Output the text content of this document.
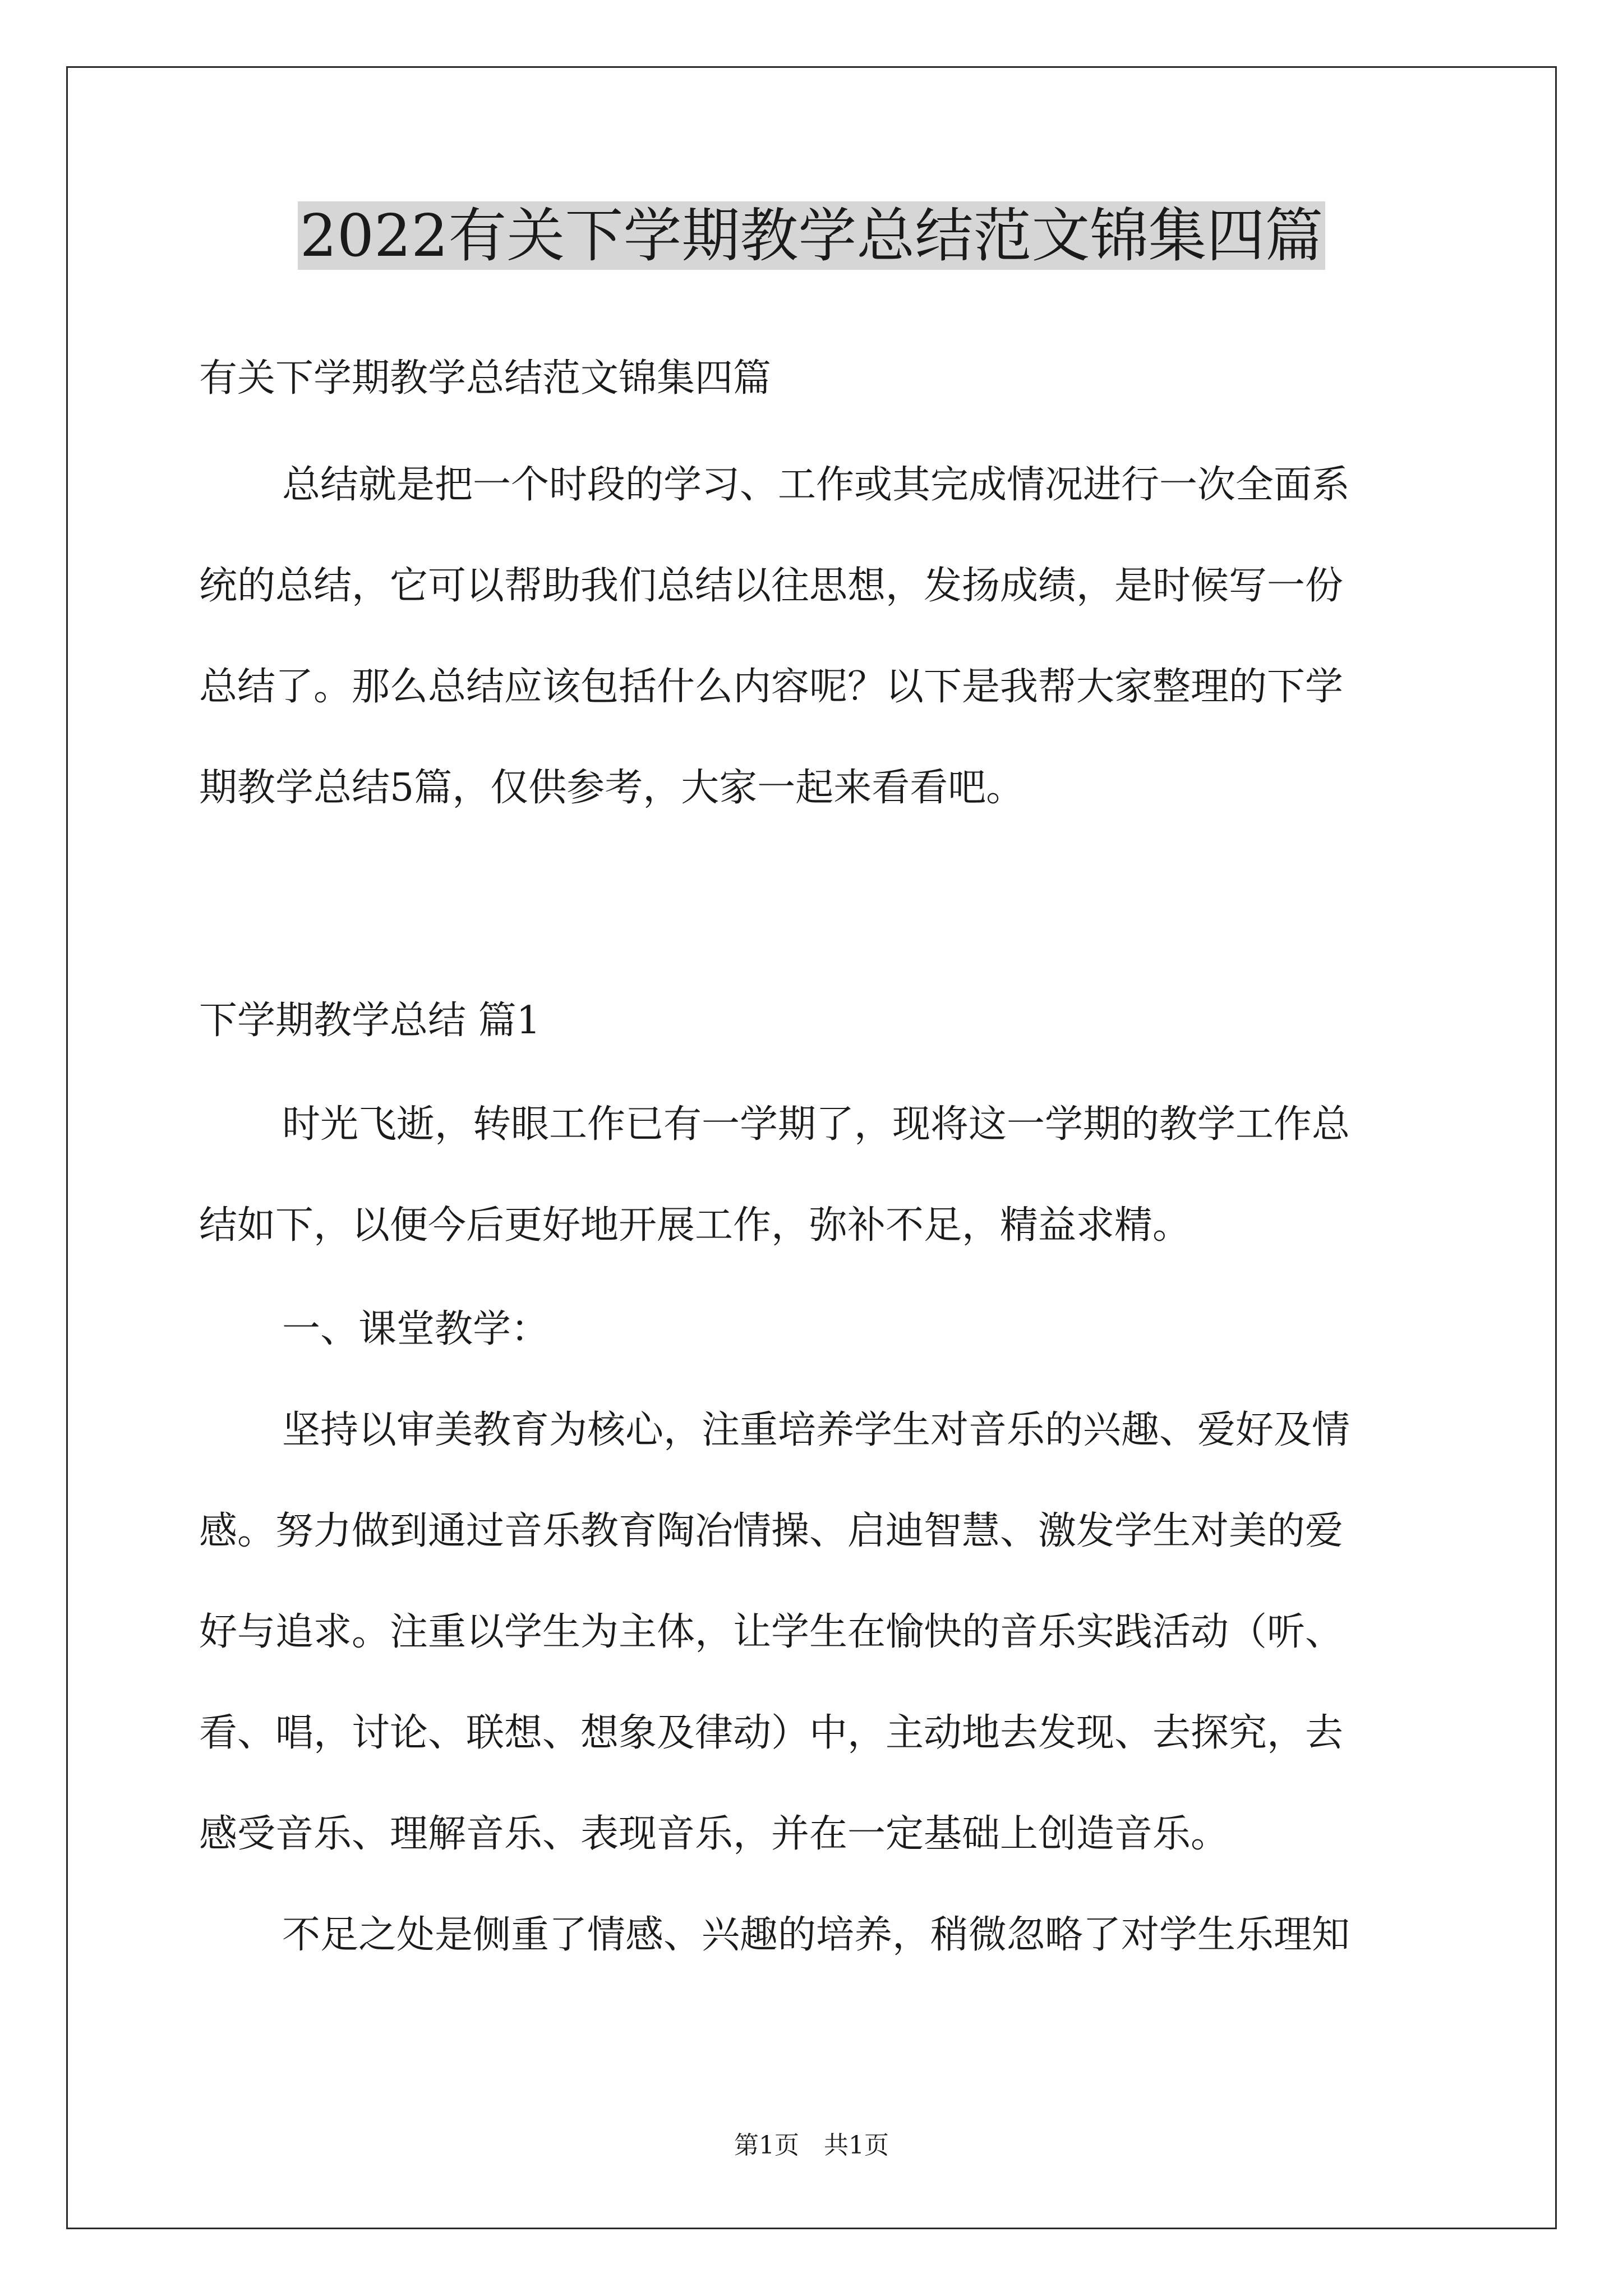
2022有关下学期教学总结范文锦集四篇
有关下学期教学总结范文锦集四篇
总结就是把一个时段的学习、工作或其完成情况进行一次全面系
统的总结，它可以帮助我们总结以往思想，发扬成绩，是时候写一份
总结了。那么总结应该包括什么内容呢？以下是我帮大家整理的下学
期教学总结5篇，仅供参考，大家一起来看看吧。
下学期教学总结 篇1
时光飞逝，转眼工作已有一学期了，现将这一学期的教学工作总
结如下，以便今后更好地开展工作，弥补不足，精益求精。
一、课堂教学：
坚持以审美教育为核心，注重培养学生对音乐的兴趣、爱好及情
感。努力做到通过音乐教育陶冶情操、启迪智慧、激发学生对美的爱
好与追求。注重以学生为主体，让学生在愉快的音乐实践活动（听、
看、唱，讨论、联想、想象及律动）中，主动地去发现、去探究，去
感受音乐、理解音乐、表现音乐，并在一定基础上创造音乐。
不足之处是侧重了情感、兴趣的培养，稍微忽略了对学生乐理知
第1页　共1页
